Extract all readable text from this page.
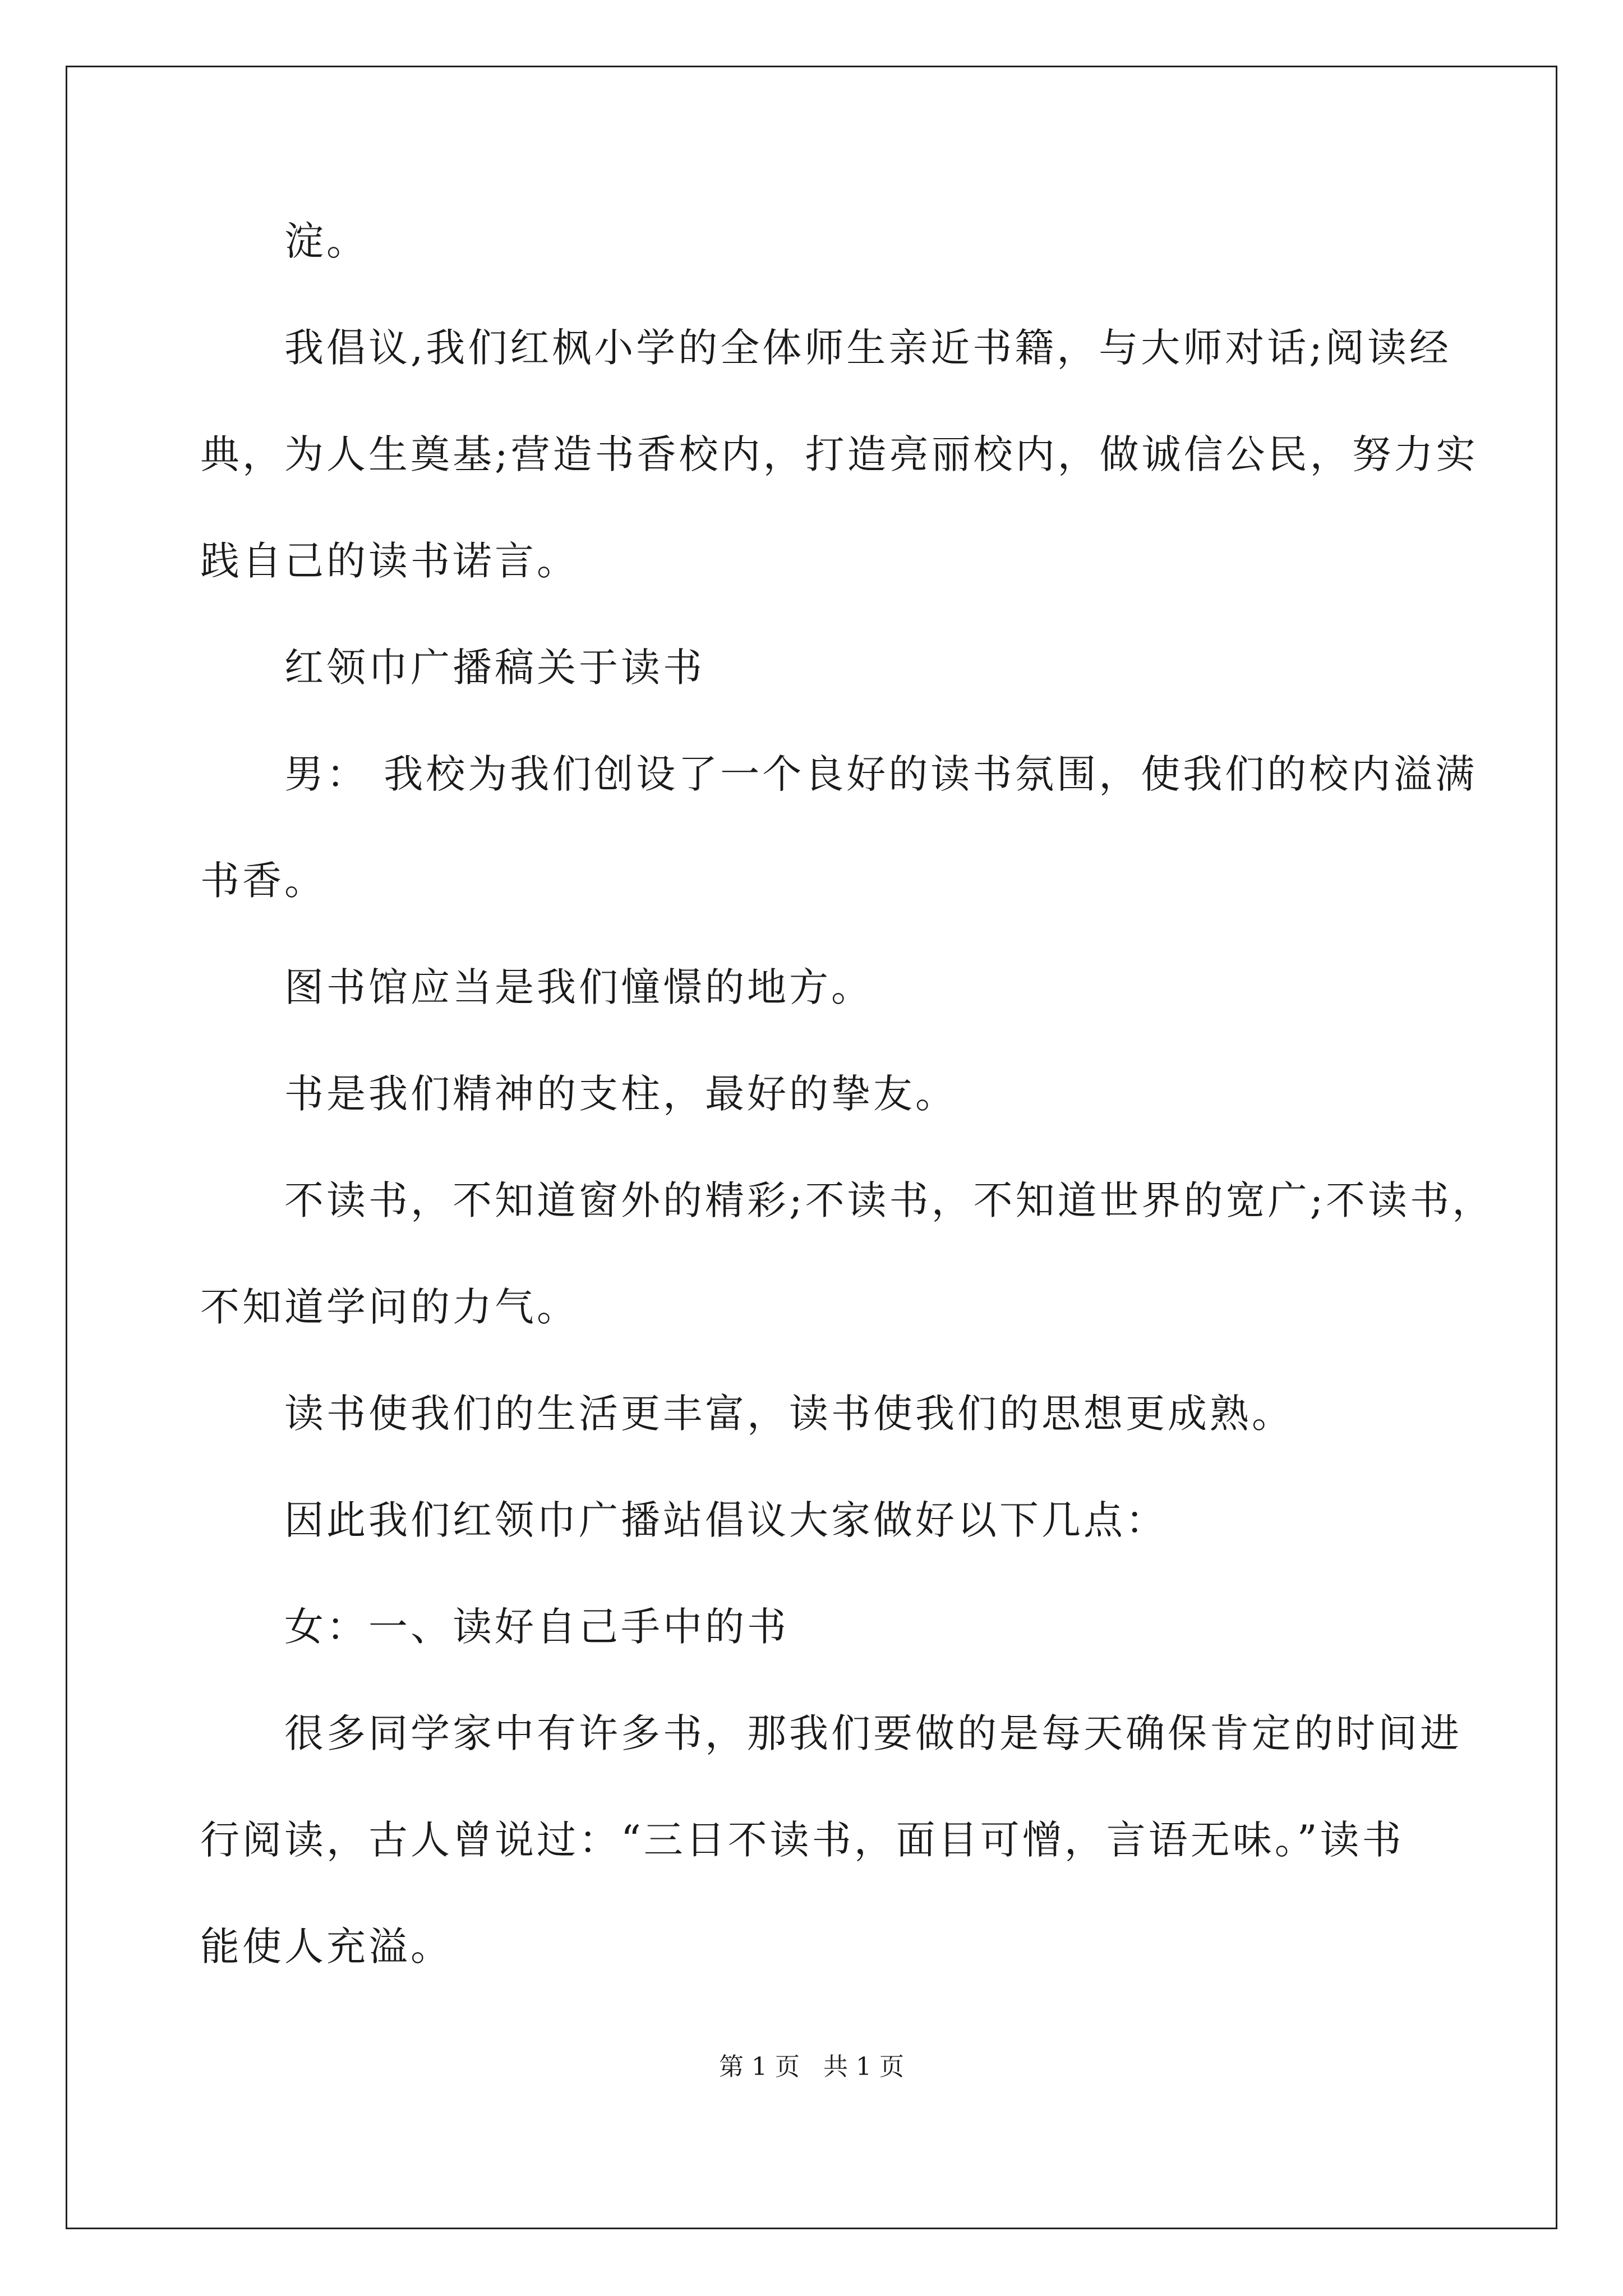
淀。
我倡议,我们红枫小学的全体师生亲近书籍，与大师对话;阅读经
典，为人生奠基;营造书香校内，打造亮丽校内，做诚信公民，努力实
践自己的读书诺言。
红领巾广播稿关于读书
男： 我校为我们创设了一个良好的读书氛围，使我们的校内溢满
书香。
图书馆应当是我们憧憬的地方。
书是我们精神的支柱，最好的挚友。
不读书，不知道窗外的精彩;不读书，不知道世界的宽广;不读书，
不知道学问的力气。
读书使我们的生活更丰富，读书使我们的思想更成熟。
因此我们红领巾广播站倡议大家做好以下几点：
女：一、读好自己手中的书
很多同学家中有许多书，那我们要做的是每天确保肯定的时间进
行阅读，古人曾说过：“三日不读书，面目可憎，言语无味。”读书
能使人充溢。
第 1 页   共 1 页
